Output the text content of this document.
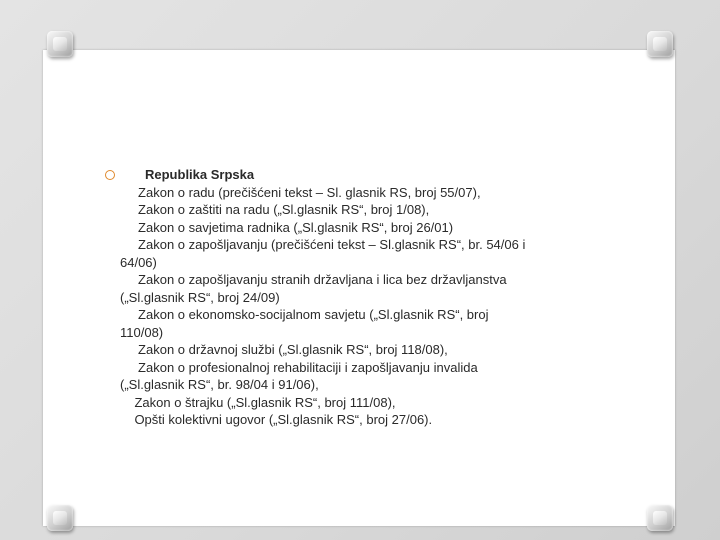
Republika Srpska
Zakon o radu (prečišćeni tekst – Sl. glasnik RS, broj 55/07),
Zakon o zaštiti na radu („Sl.glasnik RS“, broj 1/08),
Zakon o savjetima radnika („Sl.glasnik RS“, broj 26/01)
Zakon o zapošljavanju (prečišćeni tekst – Sl.glasnik RS“, br. 54/06 i
64/06)
Zakon o zapošljavanju stranih državljana i lica bez državljanstva
(„Sl.glasnik RS“, broj 24/09)
Zakon o ekonomsko-socijalnom savjetu („Sl.glasnik RS“, broj
110/08)
Zakon o državnoj službi („Sl.glasnik RS“, broj 118/08),
Zakon o profesionalnoj rehabilitaciji i zapošljavanju invalida
(„Sl.glasnik RS“, br. 98/04 i 91/06),
Zakon o štrajku („Sl.glasnik RS“, broj 111/08),
Opšti kolektivni ugovor („Sl.glasnik RS“, broj 27/06).
